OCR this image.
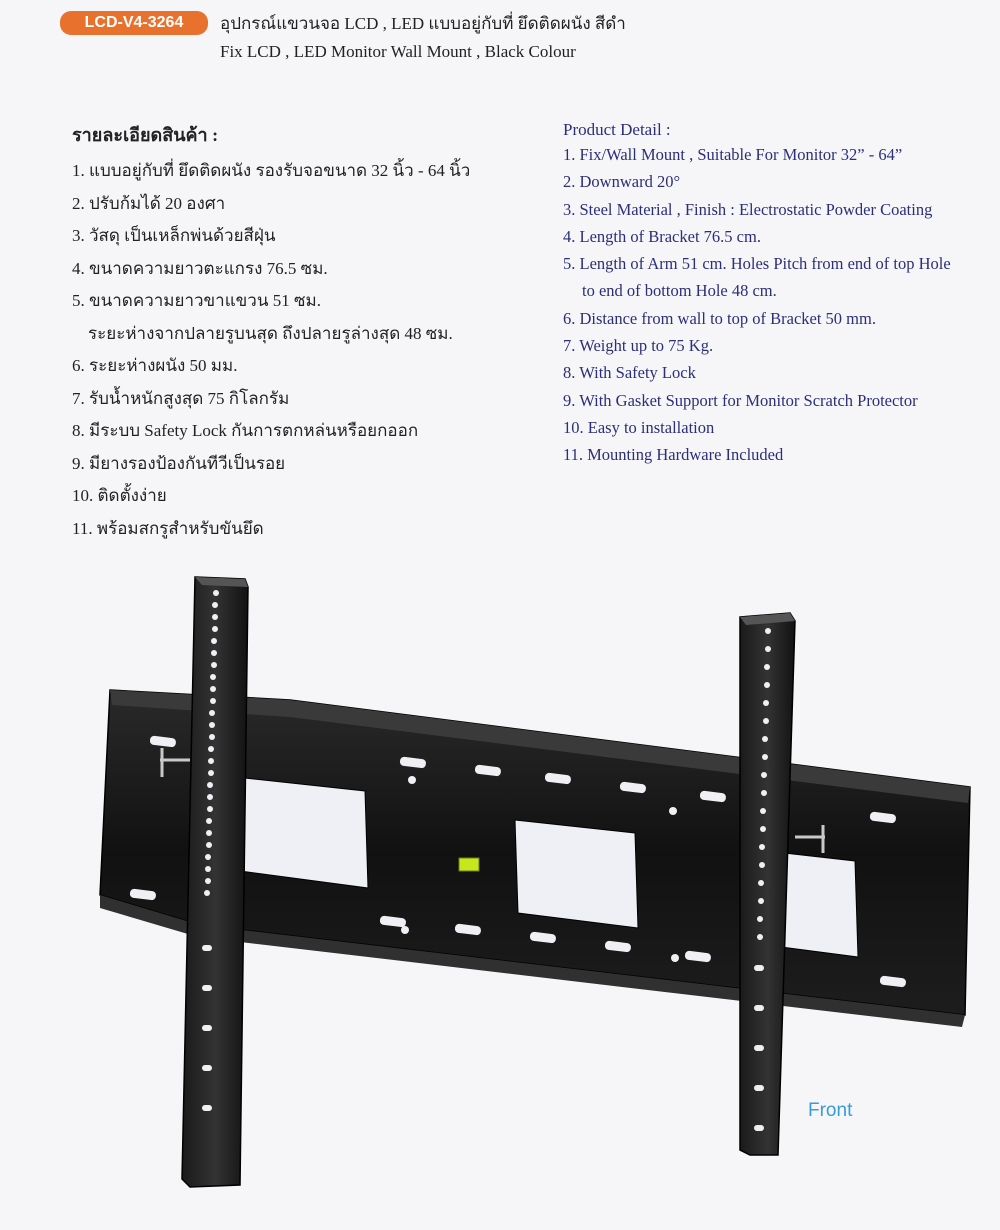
LCD-V4-3264	อุปกรณ์แขวนจอ LCD , LED แบบอยู่กับที่ ยึดติดผนัง สีดำ
Fix LCD , LED Monitor Wall Mount , Black Colour
รายละเอียดสินค้า :
1. แบบอยู่กับที่ ยึดติดผนัง รองรับจอขนาด 32 นิ้ว - 64 นิ้ว
2. ปรับก้มได้ 20 องศา
3. วัสดุ เป็นเหล็กพ่นด้วยสีฝุ่น
4. ขนาดความยาวตะแกรง 76.5 ซม.
5. ขนาดความยาวขาแขวน 51 ซม.
ระยะห่างจากปลายรูบนสุด ถึงปลายรูล่างสุด 48 ซม.
6. ระยะห่างผนัง 50 มม.
7. รับน้ำหนักสูงสุด 75 กิโลกรัม
8. มีระบบ Safety Lock กันการตกหล่นหรือยกออก
9. มียางรองป้องกันทีวีเป็นรอย
10. ติดตั้งง่าย
11. พร้อมสกรูสำหรับขันยึด
Product Detail :
1. Fix/Wall Mount , Suitable For Monitor 32” - 64”
2. Downward 20°
3. Steel Material , Finish : Electrostatic Powder Coating
4. Length of Bracket 76.5 cm.
5. Length of Arm 51 cm. Holes Pitch from end of top Hole
to end of bottom Hole 48 cm.
6. Distance from wall to top of Bracket 50 mm.
7. Weight up to 75 Kg.
8. With Safety Lock
9. With Gasket Support for Monitor Scratch Protector
10. Easy to installation
11. Mounting Hardware Included
Front
